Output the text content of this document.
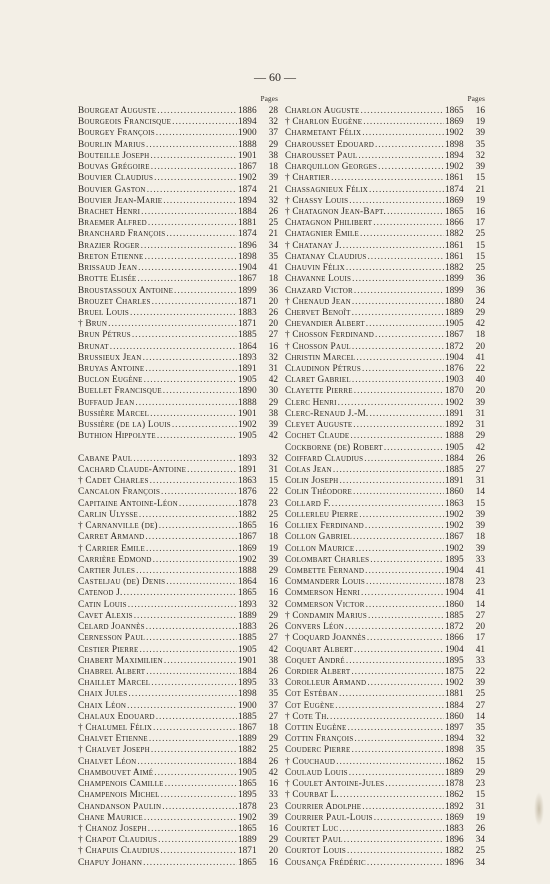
— 60 —
Pages
Bourgeat Auguste .....	1886	28
Bourgeois Francisque .....	1894	32
Bourgey François .....	1900	37
Bourlin Marius .....	1888	29
Bouteille Joseph .....	1901	38
Bouvas Grégoire .....	1867	18
Bouvier Claudius .....	1902	39
Bouvier Gaston .....	1874	21
Bouvier Jean-Marie .....	1894	32
Brachet Henri .....	1884	26
Braemer Alfred .....	1881	25
Branchard François .....	1874	21
Brazier Roger .....	1896	34
Breton Etienne .....	1898	35
Brissaud Jean .....	1904	41
Brotte Elisée .....	1867	18
Broustassoux Antoine .....	1899	36
Brouzet Charles .....	1871	20
Bruel Louis .....	1883	26
† Brun .....	1871	20
Brun Pétrus .....	1885	27
Brunat .....	1864	16
Brussieux Jean .....	1893	32
Bruyas Antoine .....	1891	31
Buclon Eugène .....	1905	42
Buellet Francisque .....	1890	30
Buffaud Jean .....	1888	29
Bussière Marcel .....	1901	38
Bussière (de la) Louis .....	1902	39
Buthion Hippolyte .....	1905	42
Cabane Paul .....	1893	32
Cachard Claude-Antoine .....	1891	31
† Cadet Charles .....	1863	15
Cancalon François .....	1876	22
Capitaine Antoine-Léon .....	1878	23
Carlin Ulysse .....	1882	25
† Carnanville (de) .....	1865	16
Carret Armand .....	1867	18
† Carrier Emile .....	1869	19
Carrière Edmond .....	1902	39
Cartier Jules .....	1888	29
Casteljau (de) Denis .....	1864	16
Catenod J. .....	1865	16
Catin Louis .....	1893	32
Cavet Alexis .....	1889	29
Celard Joannès .....	1883	26
Cernesson Paul .....	1885	27
Cestier Pierre .....	1905	42
Chabert Maximilien .....	1901	38
Chabrel Albert .....	1884	26
Chaillet Marcel .....	1895	33
Chaix Jules .....	1898	35
Chaix Léon .....	1900	37
Chalaux Edouard .....	1885	27
† Chalumel Félix .....	1867	18
Chalvet Etienne .....	1889	29
† Chalvet Joseph .....	1882	25
Chalvet Léon .....	1884	26
Chambouvet Aimé .....	1905	42
Champenois Camille .....	1865	16
Champenois Michel .....	1895	33
Chandanson Paulin .....	1878	23
Chane Maurice .....	1902	39
† Chanoz Joseph .....	1865	16
† Chapot Claudius .....	1889	29
† Chapuis Claudius .....	1871	20
Chapuy Johann .....	1865	16
Pages
Charlon Auguste .....	1865	16
† Charlon Eugène .....	1869	19
Charmetant Félix .....	1902	39
Charousset Edouard .....	1898	35
Charousset Paul .....	1894	32
Charquillon Georges .....	1902	39
† Chartier .....	1861	15
Chassagnieux Félix .....	1874	21
† Chassy Louis .....	1869	19
† Chatagnon Jean-Bapt. .....	1865	16
Chatagnon Philibert .....	1866	17
Chatagnier Emile .....	1882	25
† Chatanay J. .....	1861	15
Chatanay Claudius .....	1861	15
Chauvin Félix .....	1882	25
Chavanne Louis .....	1899	36
Chazard Victor .....	1899	36
† Chenaud Jean .....	1880	24
Chervet Benoît .....	1889	29
Chevandier Albert .....	1905	42
† Chosson Ferdinand .....	1867	18
† Chosson Paul .....	1872	20
Christin Marcel .....	1904	41
Claudinon Pétrus .....	1876	22
Claret Gabriel .....	1903	40
Clayette Pierre .....	1870	20
Clerc Henri .....	1902	39
Clerc-Renaud J.-M. .....	1891	31
Cleyet Auguste .....	1892	31
Cochet Claude .....	1888	29
Cockborne (de) Robert .....	1905	42
Coiffard Claudius .....	1884	26
Colas Jean .....	1885	27
Colin Joseph .....	1891	31
Colin Théodore .....	1860	14
Collard F. .....	1863	15
Collerleu Pierre .....	1902	39
Colliex Ferdinand .....	1902	39
Collon Gabriel .....	1867	18
Collon Maurice .....	1902	39
Colombart Charles .....	1895	33
Combette Fernand .....	1904	41
Commanderr Louis .....	1878	23
Commerson Henri .....	1904	41
Commerson Victor .....	1860	14
† Condamin Marius .....	1885	27
Convers Léon .....	1872	20
† Coquard Joannès .....	1866	17
Coquart Albert .....	1904	41
Coquet André .....	1895	33
Cordier Albert .....	1875	22
Corolleur Armand .....	1902	39
Cot Estéban .....	1881	25
Cot Eugène .....	1884	27
† Cote Th. .....	1860	14
Cottin Eugène .....	1897	35
Cottin François .....	1894	32
Couderc Pierre .....	1898	35
† Couchaud .....	1862	15
Coulaud Louis .....	1889	29
† Coulet Antoine-Jules .....	1878	23
† Courbat L. .....	1862	15
Courrier Adolphe .....	1892	31
Courrier Paul-Louis .....	1869	19
Courtet Luc .....	1883	26
Courtet Paul .....	1896	34
Courtot Louis .....	1882	25
Cousança Frédéric .....	1896	34
